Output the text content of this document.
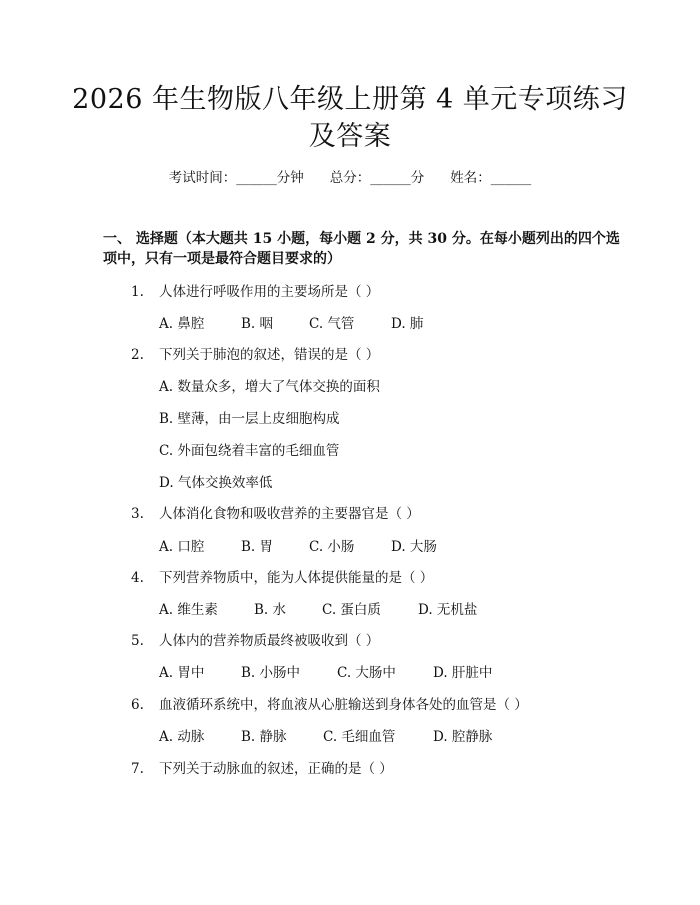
2026 年生物版八年级上册第 4 单元专项练习
及答案
考试时间：______分钟 总分：______分 姓名：______
一、 选择题（本大题共 15 小题，每小题 2 分，共 30 分。在每小题列出的四个选
项中，只有一项是最符合题目要求的）
1. 人体进行呼吸作用的主要场所是（ ）
A. 鼻腔	B. 咽	C. 气管	D. 肺
2. 下列关于肺泡的叙述，错误的是（ ）
A. 数量众多，增大了气体交换的面积
B. 壁薄，由一层上皮细胞构成
C. 外面包绕着丰富的毛细血管
D. 气体交换效率低
3. 人体消化食物和吸收营养的主要器官是（ ）
A. 口腔	B. 胃	C. 小肠	D. 大肠
4. 下列营养物质中，能为人体提供能量的是（ ）
A. 维生素	B. 水	C. 蛋白质	D. 无机盐
5. 人体内的营养物质最终被吸收到（ ）
A. 胃中	B. 小肠中	C. 大肠中	D. 肝脏中
6. 血液循环系统中，将血液从心脏输送到身体各处的血管是（ ）
A. 动脉	B. 静脉	C. 毛细血管	D. 腔静脉
7. 下列关于动脉血的叙述，正确的是（ ）
